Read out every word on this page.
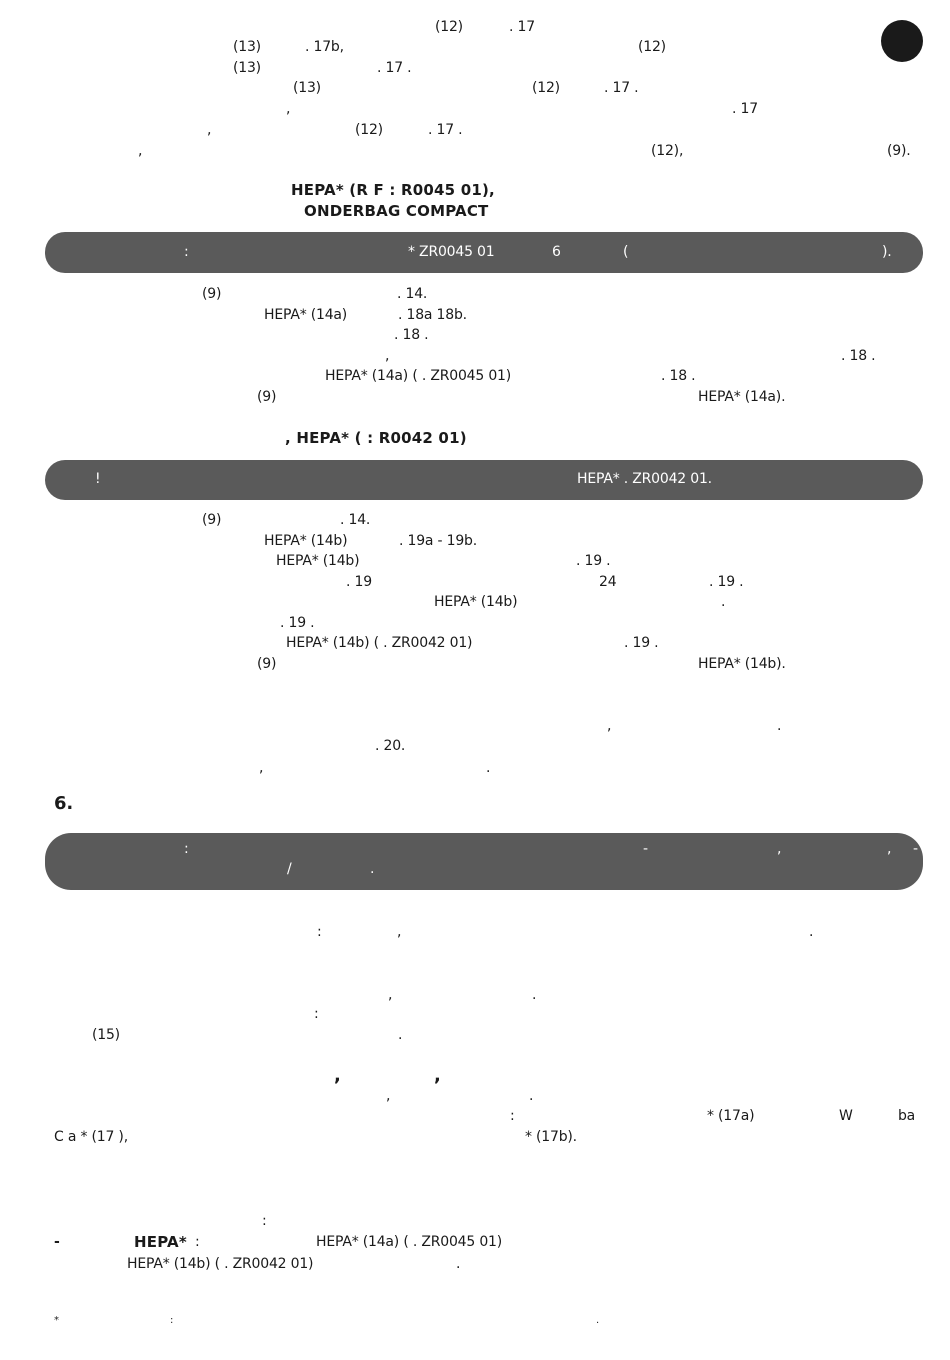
(12)	. 17
(13)	. 17b,	(12)
(13)	. 17 .
(13)	(12)	. 17 .
,	. 17
,	(12)	. 17 .
,	(12),	(9).
HEPA* (R F : R0045 01),
ONDERBAG COMPACT
:	* ZR0045 01	6	(	).
(9)	. 14.
HEPA* (14a)	. 18a 18b.
. 18 .
,	. 18 .
HEPA* (14a) ( . ZR0045 01)	. 18 .
(9)	HEPA* (14a).
, HEPA* ( : R0042 01)
!	HEPA* . ZR0042 01.
(9)	. 14.
HEPA* (14b)	. 19a - 19b.
HEPA* (14b)	. 19 .
. 19	24	. 19 .
HEPA* (14b)	.
. 19 .
HEPA* (14b) ( . ZR0042 01)	. 19 .
(9)	HEPA* (14b).
,	.
. 20.
,	.
6.
:	-	,	, -
/	.
:	,	.
,	.
:
(15)	.
,	,
,	.
:	* (17a)	W	ba
C a * (17 ),	* (17b).
:
-	HEPA* :	HEPA* (14a) ( . ZR0045 01)
HEPA* (14b) ( . ZR0042 01)	.
*	:	.
